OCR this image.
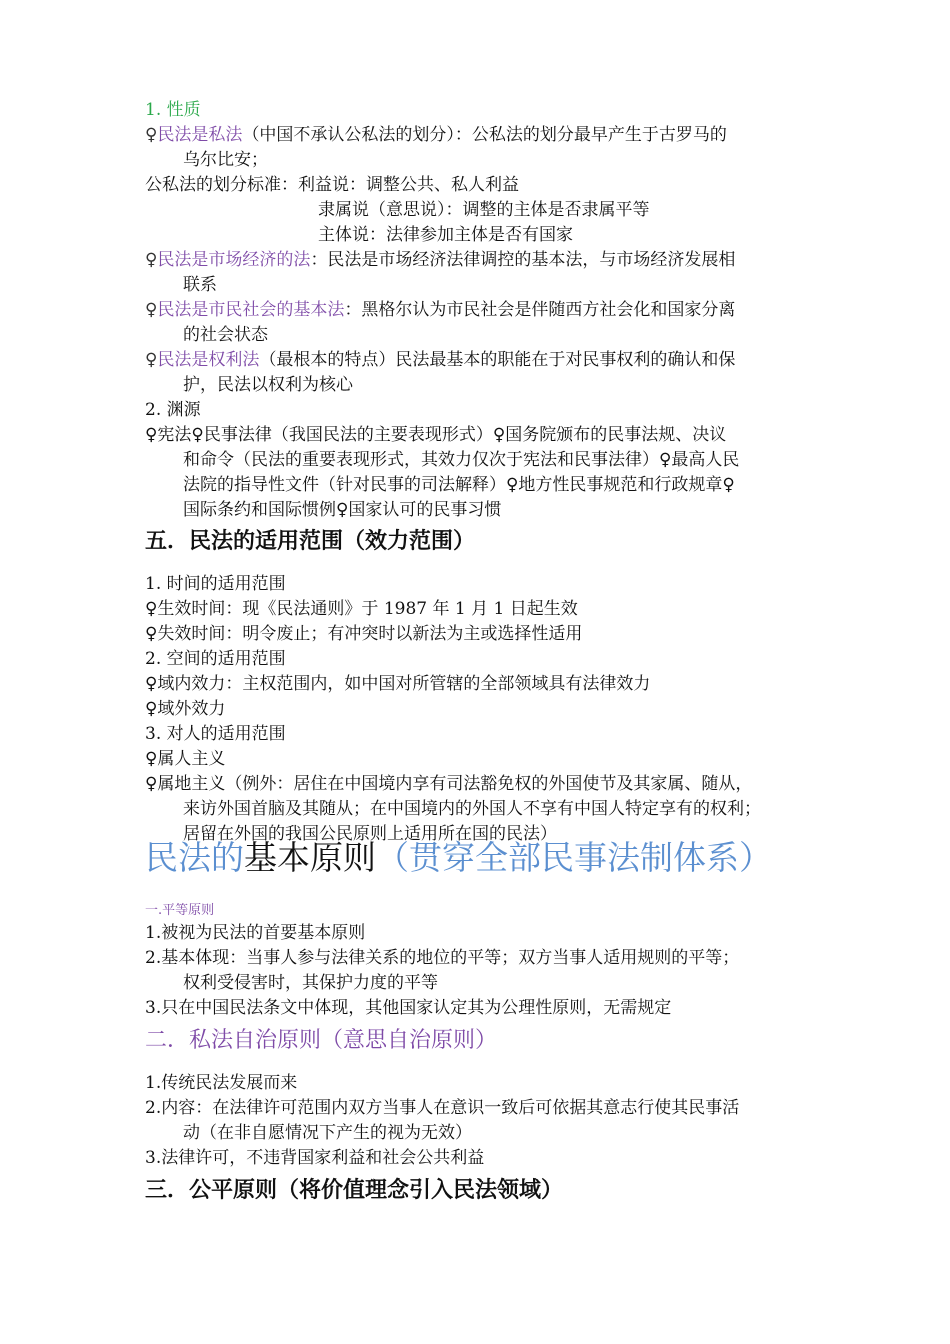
1. 性质
♀民法是私法（中国不承认公私法的划分）：公私法的划分最早产生于古罗马的
乌尔比安；
公私法的划分标准：利益说：调整公共、私人利益
隶属说（意思说）：调整的主体是否隶属平等
主体说：法律参加主体是否有国家
♀民法是市场经济的法：民法是市场经济法律调控的基本法，与市场经济发展相
联系
♀民法是市民社会的基本法：黑格尔认为市民社会是伴随西方社会化和国家分离
的社会状态
♀民法是权利法（最根本的特点）民法最基本的职能在于对民事权利的确认和保
护，民法以权利为核心
2. 渊源
♀宪法♀民事法律（我国民法的主要表现形式）♀国务院颁布的民事法规、决议
和命令（民法的重要表现形式，其效力仅次于宪法和民事法律）♀最高人民
法院的指导性文件（针对民事的司法解释）♀地方性民事规范和行政规章♀
国际条约和国际惯例♀国家认可的民事习惯
五．民法的适用范围（效力范围）
1. 时间的适用范围
♀生效时间：现《民法通则》于 1987 年 1 月 1 日起生效
♀失效时间：明令废止；有冲突时以新法为主或选择性适用
2. 空间的适用范围
♀域内效力：主权范围内，如中国对所管辖的全部领域具有法律效力
♀域外效力
3. 对人的适用范围
♀属人主义
♀属地主义（例外：居住在中国境内享有司法豁免权的外国使节及其家属、随从，
来访外国首脑及其随从；在中国境内的外国人不享有中国人特定享有的权利；
居留在外国的我国公民原则上适用所在国的民法）
民法的基本原则（贯穿全部民事法制体系）
一.平等原则
1.被视为民法的首要基本原则
2.基本体现：当事人参与法律关系的地位的平等；双方当事人适用规则的平等；
权利受侵害时，其保护力度的平等
3.只在中国民法条文中体现，其他国家认定其为公理性原则，无需规定
二．私法自治原则（意思自治原则）
1.传统民法发展而来
2.内容：在法律许可范围内双方当事人在意识一致后可依据其意志行使其民事活
动（在非自愿情况下产生的视为无效）
3.法律许可，不违背国家利益和社会公共利益
三．公平原则（将价值理念引入民法领域）
